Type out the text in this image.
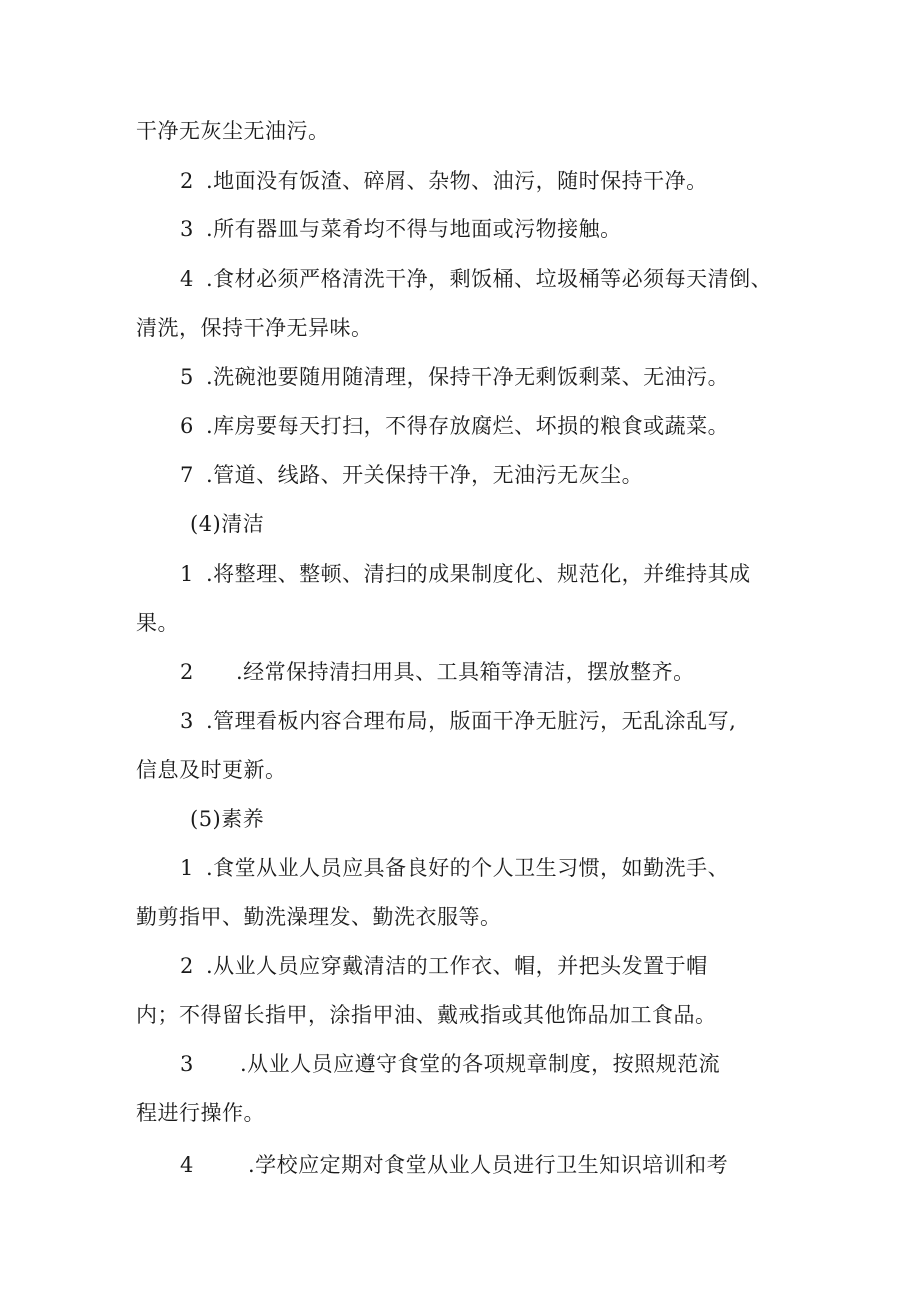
干净无灰尘无油污。
2 .地面没有饭渣、碎屑、杂物、油污，随时保持干净。
3 .所有器皿与菜肴均不得与地面或污物接触。
4 .食材必须严格清洗干净，剩饭桶、垃圾桶等必须每天清倒、
清洗，保持干净无异味。
5 .洗碗池要随用随清理，保持干净无剩饭剩菜、无油污。
6 .库房要每天打扫，不得存放腐烂、坏损的粮食或蔬菜。
7 .管道、线路、开关保持干净，无油污无灰尘。
(4)清洁
1 .将整理、整顿、清扫的成果制度化、规范化，并维持其成
果。
2 .经常保持清扫用具、工具箱等清洁，摆放整齐。
3 .管理看板内容合理布局，版面干净无脏污，无乱涂乱写,
信息及时更新。
(5)素养
1 .食堂从业人员应具备良好的个人卫生习惯，如勤洗手、
勤剪指甲、勤洗澡理发、勤洗衣服等。
2 .从业人员应穿戴清洁的工作衣、帽，并把头发置于帽
内；不得留长指甲，涂指甲油、戴戒指或其他饰品加工食品。
3 .从业人员应遵守食堂的各项规章制度，按照规范流
程进行操作。
4	.学校应定期对食堂从业人员进行卫生知识培训和考
